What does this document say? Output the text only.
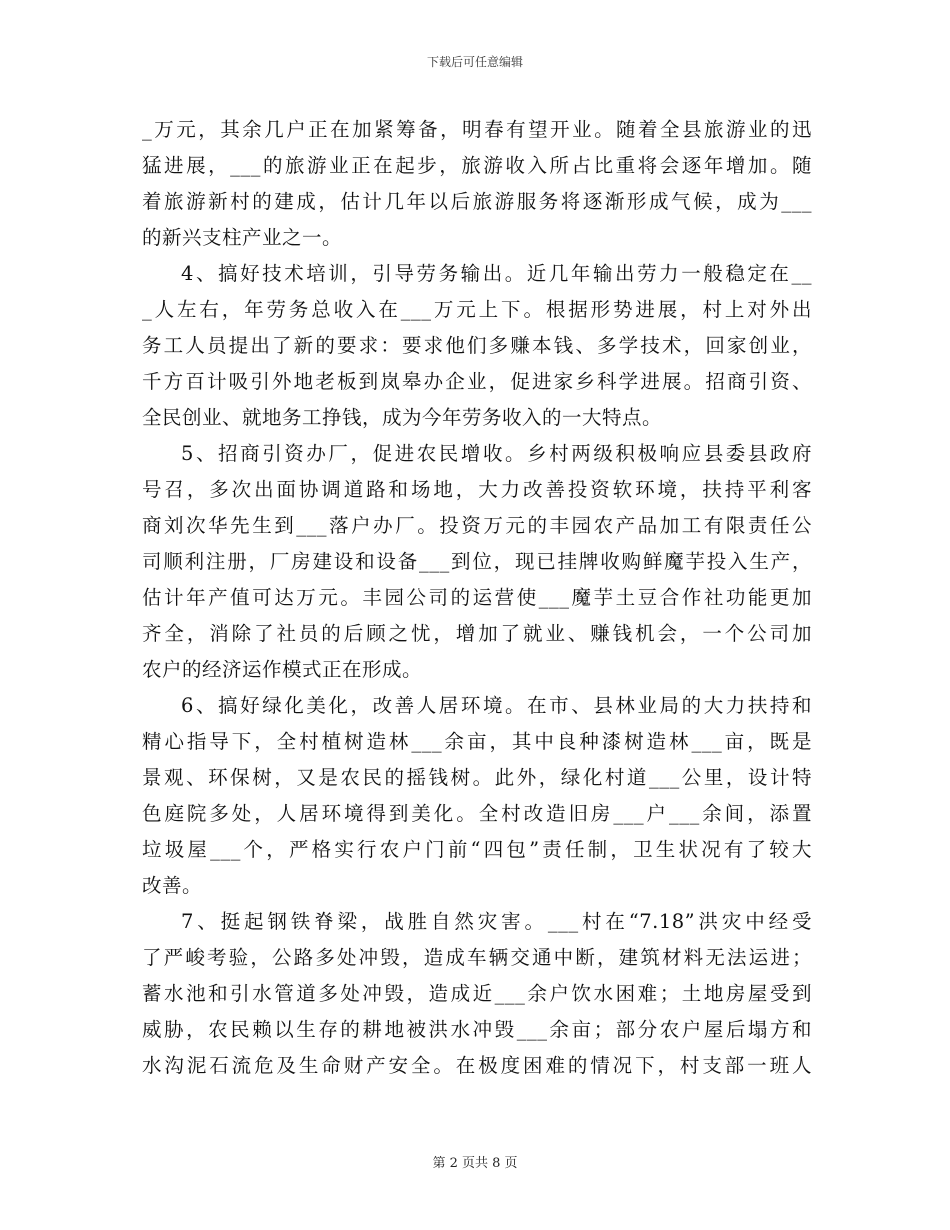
下载后可任意编辑
_万元，其余几户正在加紧筹备，明春有望开业。随着全县旅游业的迅
猛进展，___的旅游业正在起步，旅游收入所占比重将会逐年增加。随
着旅游新村的建成，估计几年以后旅游服务将逐渐形成气候，成为___
的新兴支柱产业之一。
4、搞好技术培训，引导劳务输出。近几年输出劳力一般稳定在__
_人左右，年劳务总收入在___万元上下。根据形势进展，村上对外出
务工人员提出了新的要求：要求他们多赚本钱、多学技术，回家创业，
千方百计吸引外地老板到岚皋办企业，促进家乡科学进展。招商引资、
全民创业、就地务工挣钱，成为今年劳务收入的一大特点。
5、招商引资办厂，促进农民增收。乡村两级积极响应县委县政府
号召，多次出面协调道路和场地，大力改善投资软环境，扶持平利客
商刘次华先生到___落户办厂。投资万元的丰园农产品加工有限责任公
司顺利注册，厂房建设和设备___到位，现已挂牌收购鲜魔芋投入生产，
估计年产值可达万元。丰园公司的运营使___魔芋土豆合作社功能更加
齐全，消除了社员的后顾之忧，增加了就业、赚钱机会，一个公司加
农户的经济运作模式正在形成。
6、搞好绿化美化，改善人居环境。在市、县林业局的大力扶持和
精心指导下，全村植树造林___余亩，其中良种漆树造林___亩，既是
景观、环保树，又是农民的摇钱树。此外，绿化村道___公里，设计特
色庭院多处，人居环境得到美化。全村改造旧房___户___余间，添置
垃圾屋___个，严格实行农户门前“四包”责任制，卫生状况有了较大
改善。
7、挺起钢铁脊梁，战胜自然灾害。___村在“7.18”洪灾中经受
了严峻考验，公路多处冲毁，造成车辆交通中断，建筑材料无法运进；
蓄水池和引水管道多处冲毁，造成近___余户饮水困难；土地房屋受到
威胁，农民赖以生存的耕地被洪水冲毁___余亩；部分农户屋后塌方和
水沟泥石流危及生命财产安全。在极度困难的情况下，村支部一班人
第 2 页共 8 页
